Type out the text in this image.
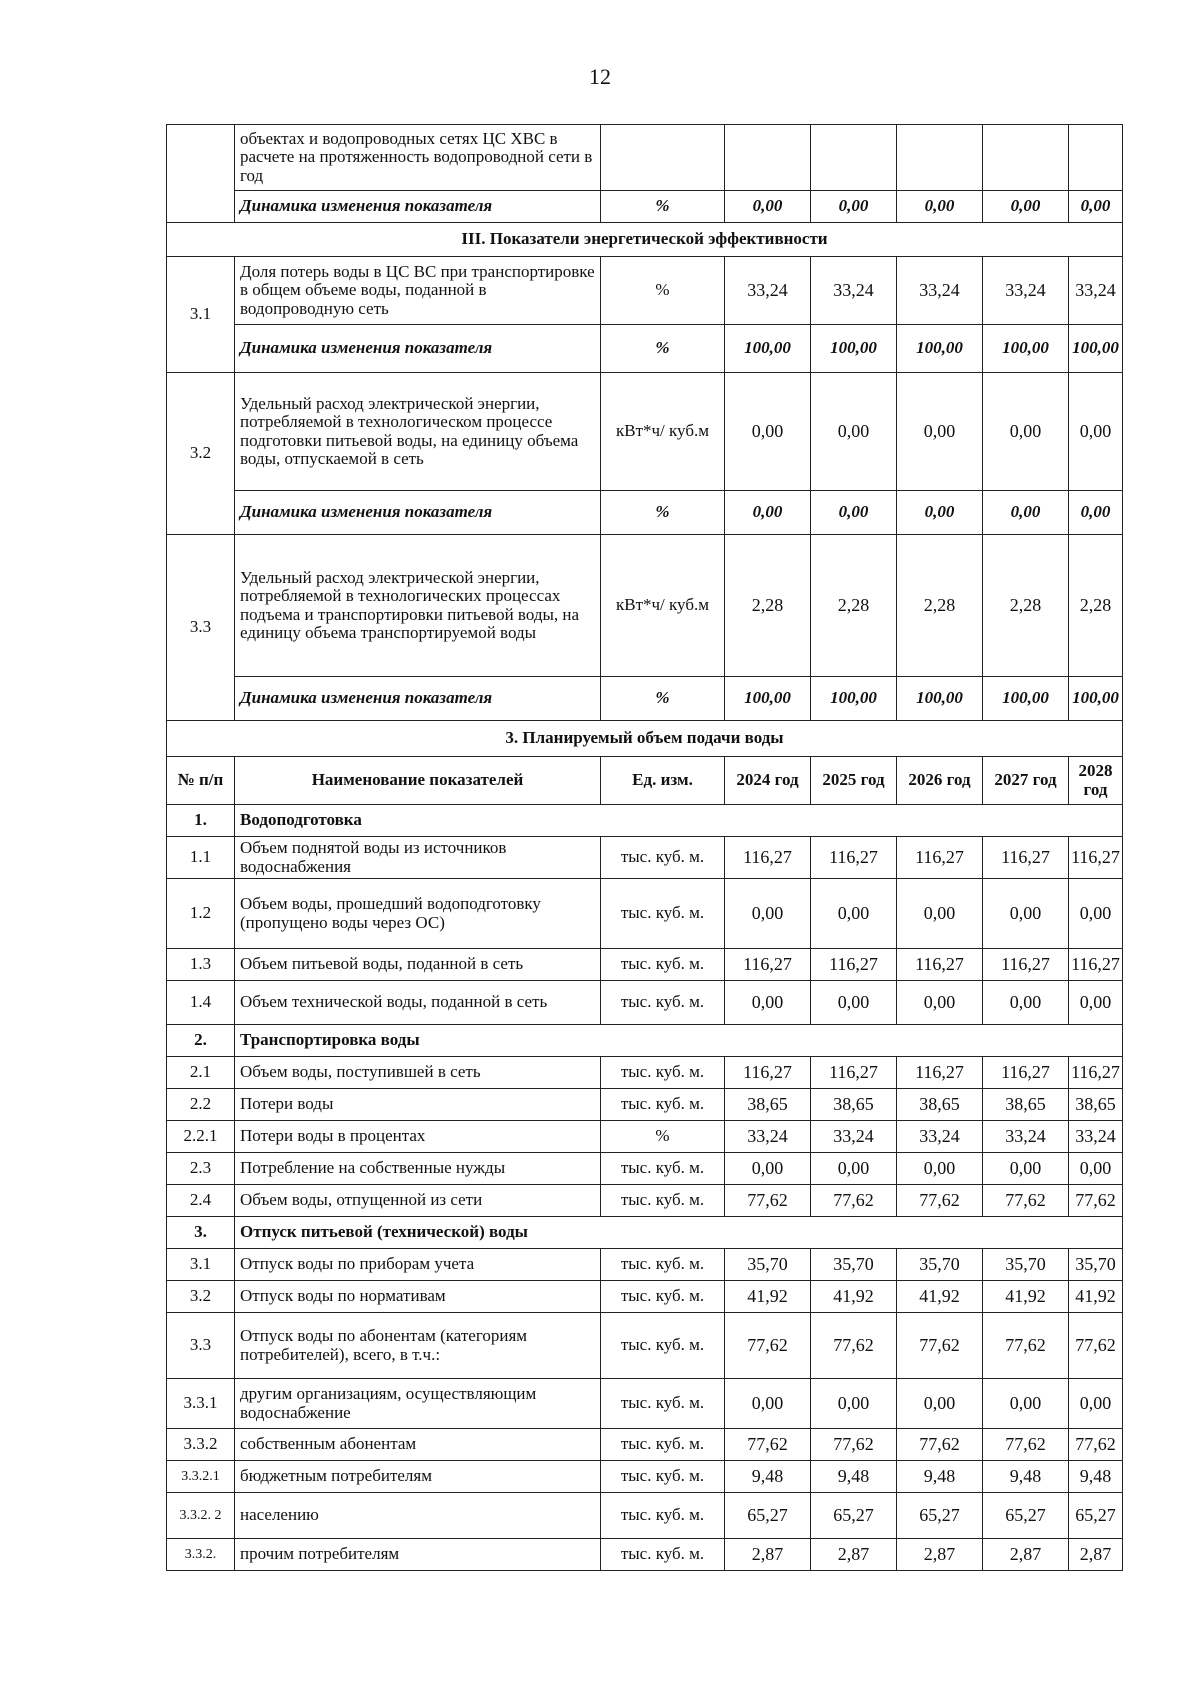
12
	объектах и водопроводных сетях ЦС ХВС в расчете на протяженность водопроводной сети в год						
	Динамика изменения показателя	%	0,00	0,00	0,00	0,00	0,00
III. Показатели энергетической эффективности							
3.1	Доля потерь воды в ЦС ВС при транспортировке в общем объеме воды, поданной в водопроводную сеть	%	33,24	33,24	33,24	33,24	33,24
	Динамика изменения показателя	%	100,00	100,00	100,00	100,00	100,00
3.2	Удельный расход электрической энергии, потребляемой в технологическом процессе подготовки питьевой воды, на единицу объема воды, отпускаемой в сеть	кВт*ч/ куб.м	0,00	0,00	0,00	0,00	0,00
	Динамика изменения показателя	%	0,00	0,00	0,00	0,00	0,00
3.3	Удельный расход электрической энергии, потребляемой в технологических процессах подъема и транспортировки питьевой воды, на единицу объема транспортируемой воды	кВт*ч/ куб.м	2,28	2,28	2,28	2,28	2,28
	Динамика изменения показателя	%	100,00	100,00	100,00	100,00	100,00
3. Планируемый объем подачи воды							
№ п/п	Наименование показателей	Ед. изм.	2024 год	2025 год	2026 год	2027 год	2028 год
1.	Водоподготовка						
1.1	Объем поднятой воды из источников водоснабжения	тыс. куб. м.	116,27	116,27	116,27	116,27	116,27
1.2	Объем воды, прошедший водоподготовку (пропущено воды через ОС)	тыс. куб. м.	0,00	0,00	0,00	0,00	0,00
1.3	Объем питьевой воды, поданной в сеть	тыс. куб. м.	116,27	116,27	116,27	116,27	116,27
1.4	Объем технической воды, поданной в сеть	тыс. куб. м.	0,00	0,00	0,00	0,00	0,00
2.	Транспортировка воды						
2.1	Объем воды, поступившей в сеть	тыс. куб. м.	116,27	116,27	116,27	116,27	116,27
2.2	Потери воды	тыс. куб. м.	38,65	38,65	38,65	38,65	38,65
2.2.1	Потери воды в процентах	%	33,24	33,24	33,24	33,24	33,24
2.3	Потребление на собственные нужды	тыс. куб. м.	0,00	0,00	0,00	0,00	0,00
2.4	Объем воды, отпущенной из сети	тыс. куб. м.	77,62	77,62	77,62	77,62	77,62
3.	Отпуск питьевой (технической) воды						
3.1	Отпуск воды по приборам учета	тыс. куб. м.	35,70	35,70	35,70	35,70	35,70
3.2	Отпуск воды по нормативам	тыс. куб. м.	41,92	41,92	41,92	41,92	41,92
3.3	Отпуск воды по абонентам (категориям потребителей), всего, в т.ч.:	тыс. куб. м.	77,62	77,62	77,62	77,62	77,62
3.3.1	другим организациям, осуществляющим водоснабжение	тыс. куб. м.	0,00	0,00	0,00	0,00	0,00
3.3.2	собственным абонентам	тыс. куб. м.	77,62	77,62	77,62	77,62	77,62
3.3.2.1	бюджетным потребителям	тыс. куб. м.	9,48	9,48	9,48	9,48	9,48
3.3.2. 2	населению	тыс. куб. м.	65,27	65,27	65,27	65,27	65,27
3.3.2.	прочим потребителям	тыс. куб. м.	2,87	2,87	2,87	2,87	2,87
